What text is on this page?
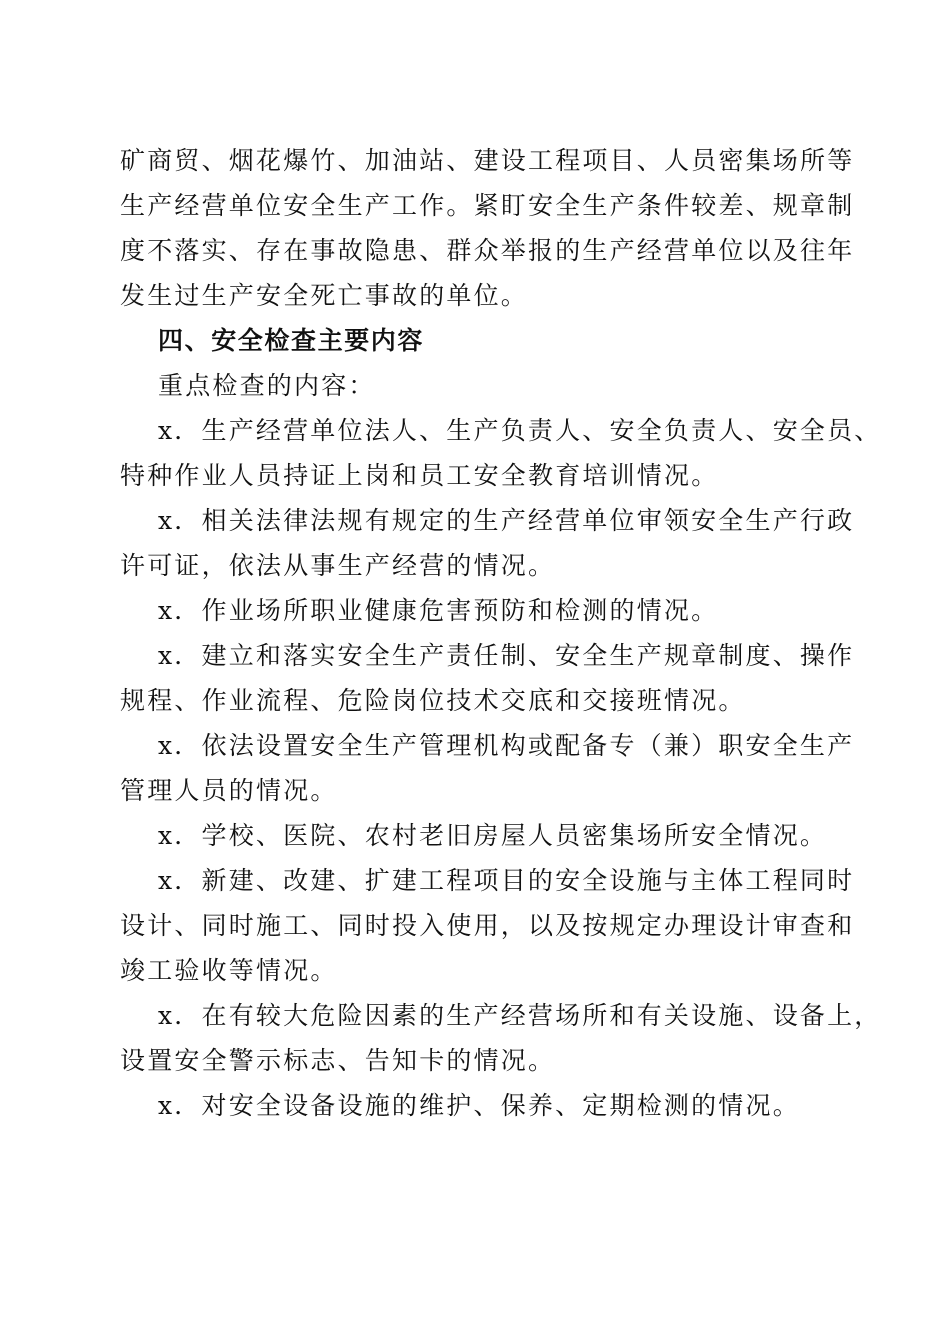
矿商贸、烟花爆竹、加油站、建设工程项目、人员密集场所等
生产经营单位安全生产工作。紧盯安全生产条件较差、规章制
度不落实、存在事故隐患、群众举报的生产经营单位以及往年
发生过生产安全死亡事故的单位。
四、安全检查主要内容
重点检查的内容：
x．生产经营单位法人、生产负责人、安全负责人、安全员、
特种作业人员持证上岗和员工安全教育培训情况。
x．相关法律法规有规定的生产经营单位审领安全生产行政
许可证，依法从事生产经营的情况。
x．作业场所职业健康危害预防和检测的情况。
x．建立和落实安全生产责任制、安全生产规章制度、操作
规程、作业流程、危险岗位技术交底和交接班情况。
x．依法设置安全生产管理机构或配备专（兼）职安全生产
管理人员的情况。
x．学校、医院、农村老旧房屋人员密集场所安全情况。
x．新建、改建、扩建工程项目的安全设施与主体工程同时
设计、同时施工、同时投入使用，以及按规定办理设计审查和
竣工验收等情况。
x．在有较大危险因素的生产经营场所和有关设施、设备上，
设置安全警示标志、告知卡的情况。
x．对安全设备设施的维护、保养、定期检测的情况。
